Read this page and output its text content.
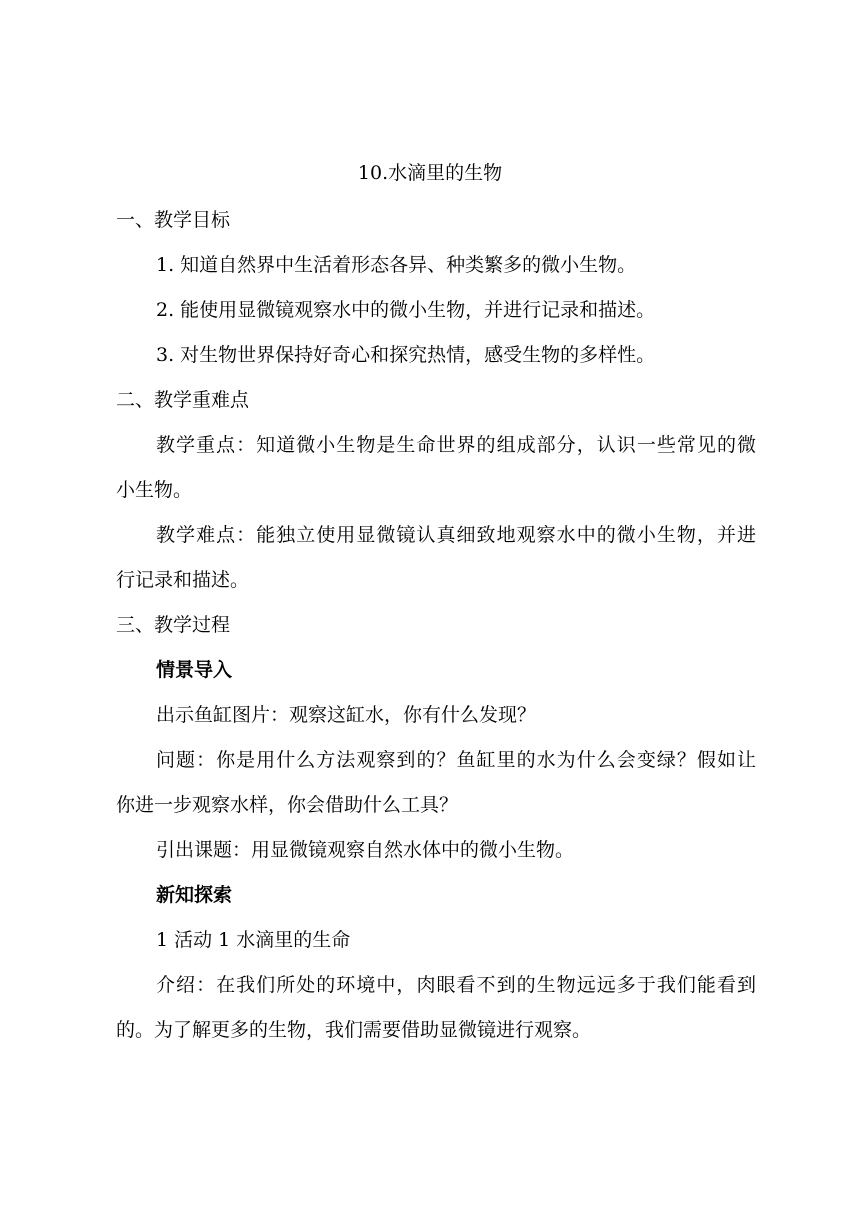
10.水滴里的生物
一、教学目标
1. 知道自然界中生活着形态各异、种类繁多的微小生物。
2. 能使用显微镜观察水中的微小生物，并进行记录和描述。
3. 对生物世界保持好奇心和探究热情，感受生物的多样性。
二、教学重难点
教学重点：知道微小生物是生命世界的组成部分，认识一些常见的微
小生物。
教学难点：能独立使用显微镜认真细致地观察水中的微小生物，并进
行记录和描述。
三、教学过程
情景导入
出示鱼缸图片：观察这缸水，你有什么发现？
问题：你是用什么方法观察到的？鱼缸里的水为什么会变绿？假如让
你进一步观察水样，你会借助什么工具？
引出课题：用显微镜观察自然水体中的微小生物。
新知探索
1 活动 1 水滴里的生命
介绍：在我们所处的环境中，肉眼看不到的生物远远多于我们能看到
的。为了解更多的生物，我们需要借助显微镜进行观察。
